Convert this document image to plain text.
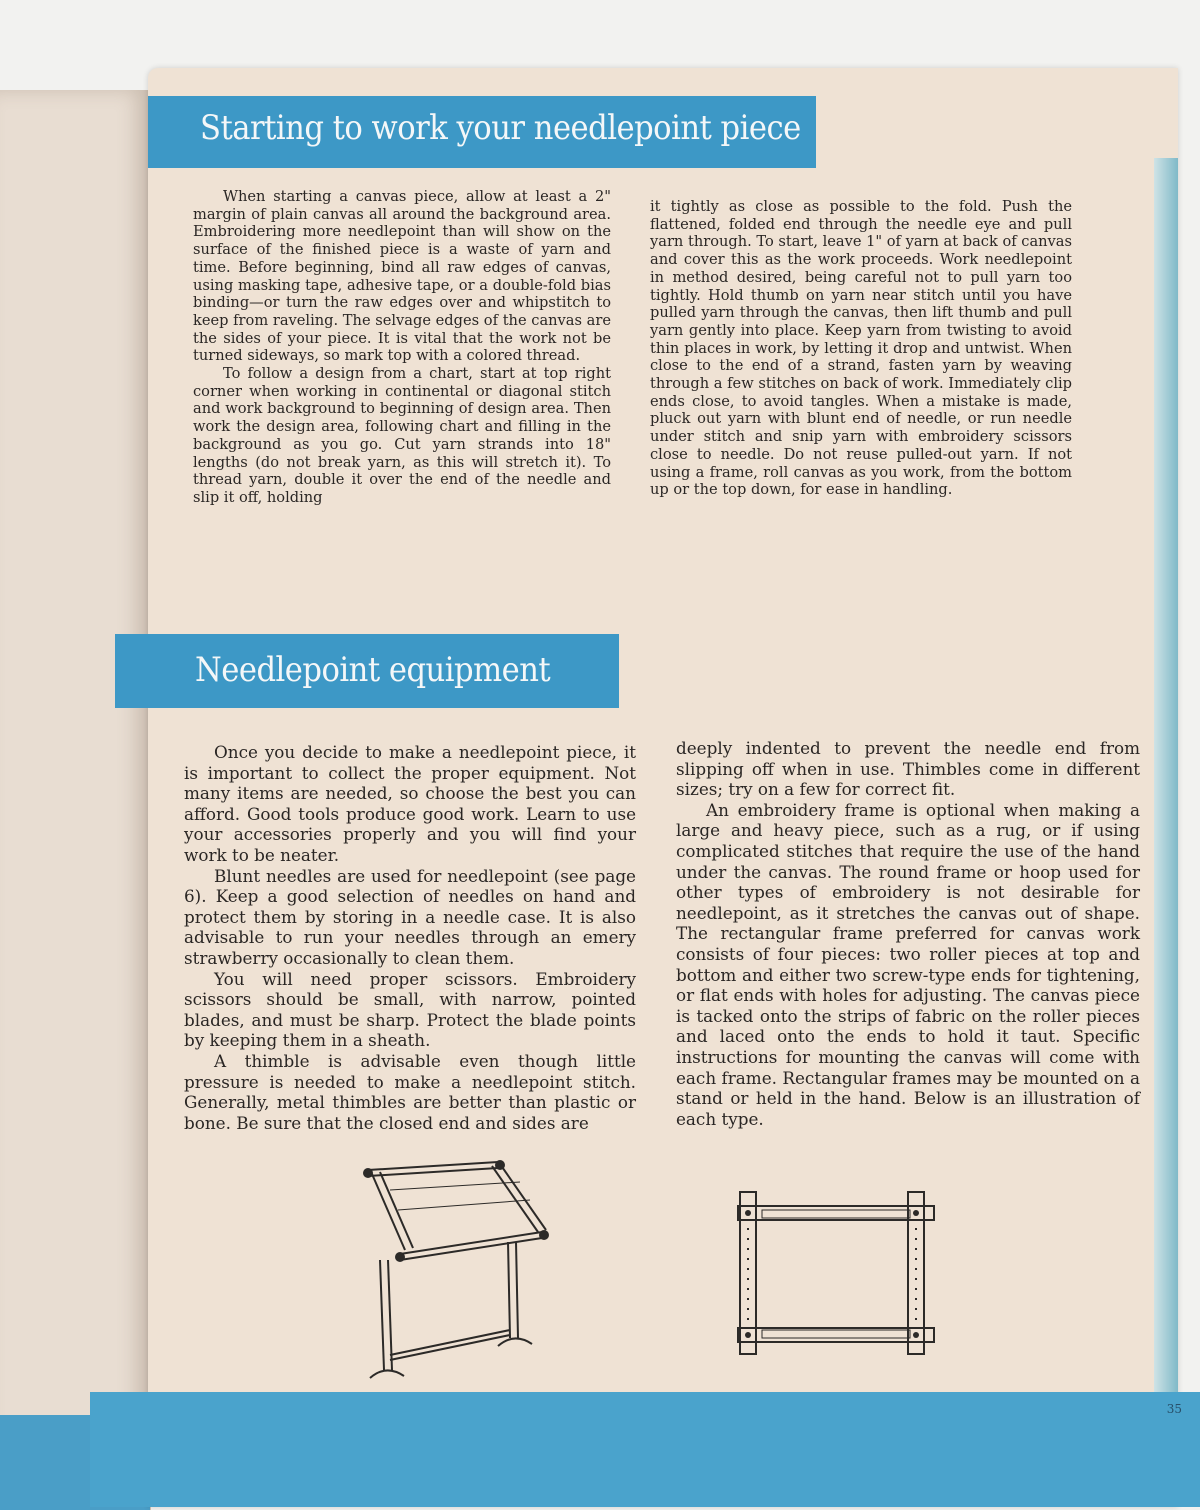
Starting to work your needlepoint piece

When starting a canvas piece, allow at least a 2" margin of plain canvas all around the background area. Embroidering more needlepoint than will show on the surface of the finished piece is a waste of yarn and time. Before beginning, bind all raw edges of canvas, using masking tape, adhesive tape, or a double-fold bias binding—or turn the raw edges over and whipstitch to keep from raveling. The selvage edges of the canvas are the sides of your piece. It is vital that the work not be turned sideways, so mark top with a colored thread.

To follow a design from a chart, start at top right corner when working in continental or diagonal stitch and work background to beginning of design area. Then work the design area, following chart and filling in the background as you go. Cut yarn strands into 18" lengths (do not break yarn, as this will stretch it). To thread yarn, double it over the end of the needle and slip it off, holding

it tightly as close as possible to the fold. Push the flattened, folded end through the needle eye and pull yarn through. To start, leave 1" of yarn at back of canvas and cover this as the work proceeds. Work needlepoint in method desired, being careful not to pull yarn too tightly. Hold thumb on yarn near stitch until you have pulled yarn through the canvas, then lift thumb and pull yarn gently into place. Keep yarn from twisting to avoid thin places in work, by letting it drop and untwist. When close to the end of a strand, fasten yarn by weaving through a few stitches on back of work. Immediately clip ends close, to avoid tangles. When a mistake is made, pluck out yarn with blunt end of needle, or run needle under stitch and snip yarn with embroidery scissors close to needle. Do not reuse pulled-out yarn. If not using a frame, roll canvas as you work, from the bottom up or the top down, for ease in handling.

Needlepoint equipment

Once you decide to make a needlepoint piece, it is important to collect the proper equipment. Not many items are needed, so choose the best you can afford. Good tools produce good work. Learn to use your accessories properly and you will find your work to be neater.

Blunt needles are used for needlepoint (see page 6). Keep a good selection of needles on hand and protect them by storing in a needle case. It is also advisable to run your needles through an emery strawberry occasionally to clean them.

You will need proper scissors. Embroidery scissors should be small, with narrow, pointed blades, and must be sharp. Protect the blade points by keeping them in a sheath.

A thimble is advisable even though little pressure is needed to make a needlepoint stitch. Generally, metal thimbles are better than plastic or bone. Be sure that the closed end and sides are

deeply indented to prevent the needle end from slipping off when in use. Thimbles come in different sizes; try on a few for correct fit.

An embroidery frame is optional when making a large and heavy piece, such as a rug, or if using complicated stitches that require the use of the hand under the canvas. The round frame or hoop used for other types of embroidery is not desirable for needlepoint, as it stretches the canvas out of shape. The rectangular frame preferred for canvas work consists of four pieces: two roller pieces at top and bottom and either two screw-type ends for tightening, or flat ends with holes for adjusting. The canvas piece is tacked onto the strips of fabric on the roller pieces and laced onto the ends to hold it taut. Specific instructions for mounting the canvas will come with each frame. Rectangular frames may be mounted on a stand or held in the hand. Below is an illustration of each type.

35
